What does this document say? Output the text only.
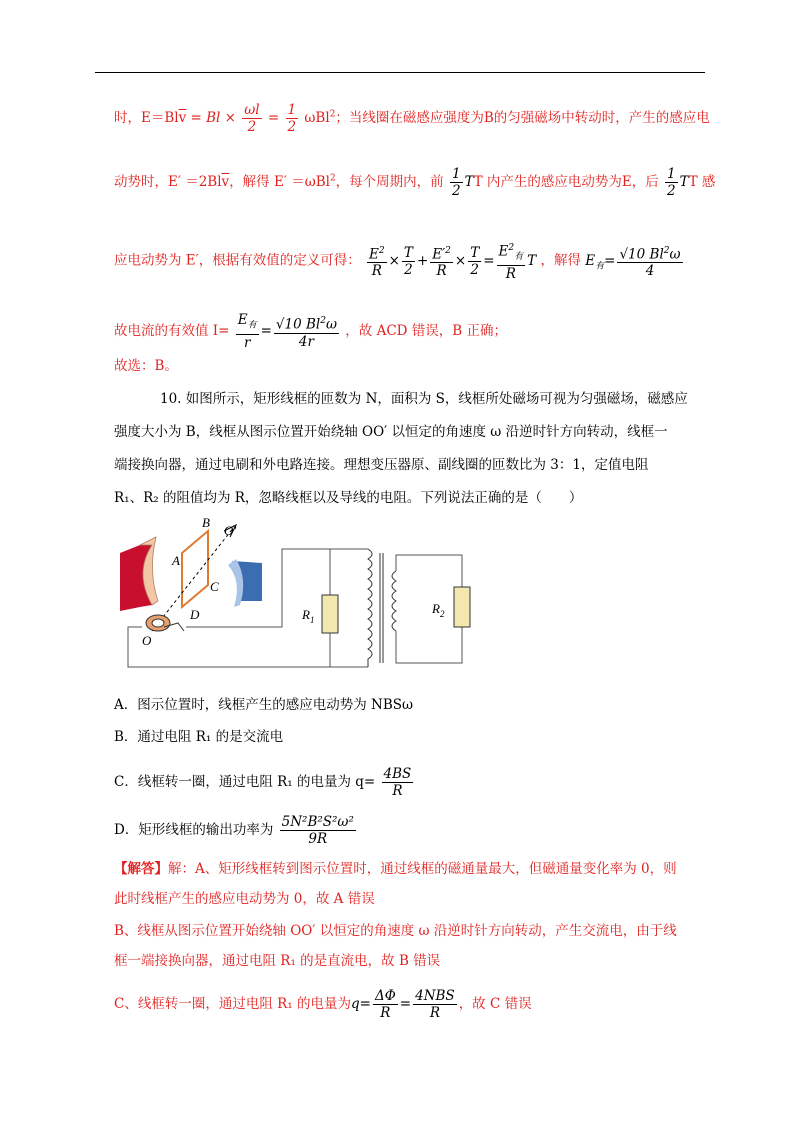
时，$E=Bl\overline{v} = Bl \times \frac{\omega l}{2} = \frac{1}{2} \omega Bl^2$；当线圈在磁感应强度为B的匀强磁场中转动时，产生的感应电
动势时，$E' =2Bl\overline{v}$，解得 E′ ＝ωBl$^2$，每个周期内，前 $\frac{1}{2}$ TT 内产生的感应电动势为E，后 $\frac{1}{2}$ TT 感
应电动势为 E′，根据有效值的定义可得： $\frac{E^2}{R} \times \frac{T}{2} + \frac{E'^2}{R} \times \frac{T}{2} = \frac{E^2_有}{R}$ T ，解得 $E_有= \frac{√10 Bl^2\omega}{4}$
故电流的有效值 $I= \frac{E_有}{r} = \frac{√10 Bl^2\omega}{4r}$ ，故 ACD 错误，B 正确；
故选：B。
10. 如图所示，矩形线框的匝数为 N，面积为 S，线框所处磁场可视为匀强磁场，磁感应
强度大小为 B，线框从图示位置开始绕轴 OO′ 以恒定的角速度 ω 沿逆时针方向转动，线框一
端接换向器，通过电刷和外电路连接。理想变压器原、副线圈的匝数比为 3：1，定值电阻
R₁、R₂ 的阻值均为 R，忽略线框以及导线的电阻。下列说法正确的是（　　）
$R_1$
$R_2$
B
O′
A
C
D
O
A．图示位置时，线框产生的感应电动势为 NBSω
B．通过电阻 R₁ 的是交流电
C．线框转一圈，通过电阻 R₁ 的电量为 $q= \frac{4BS}{R}$
D．矩形线框的输出功率为 $\frac{\text{5N²B²S²ω²}}{9R}$
【解答】解：A、矩形线框转到图示位置时，通过线框的磁通量最大，但磁通量变化率为 0，则
此时线框产生的感应电动势为 0，故 A 错误
B、线框从图示位置开始绕轴 OO′ 以恒定的角速度 ω 沿逆时针方向转动，产生交流电，由于线
框一端接换向器，通过电阻 R₁ 的是直流电，故 B 错误
C、线框转一圈，通过电阻 R₁ 的电量为$q= \frac{\Delta\Phi}{R} = \frac{\text{4NBS}}{R}$ ，故 C 错误
